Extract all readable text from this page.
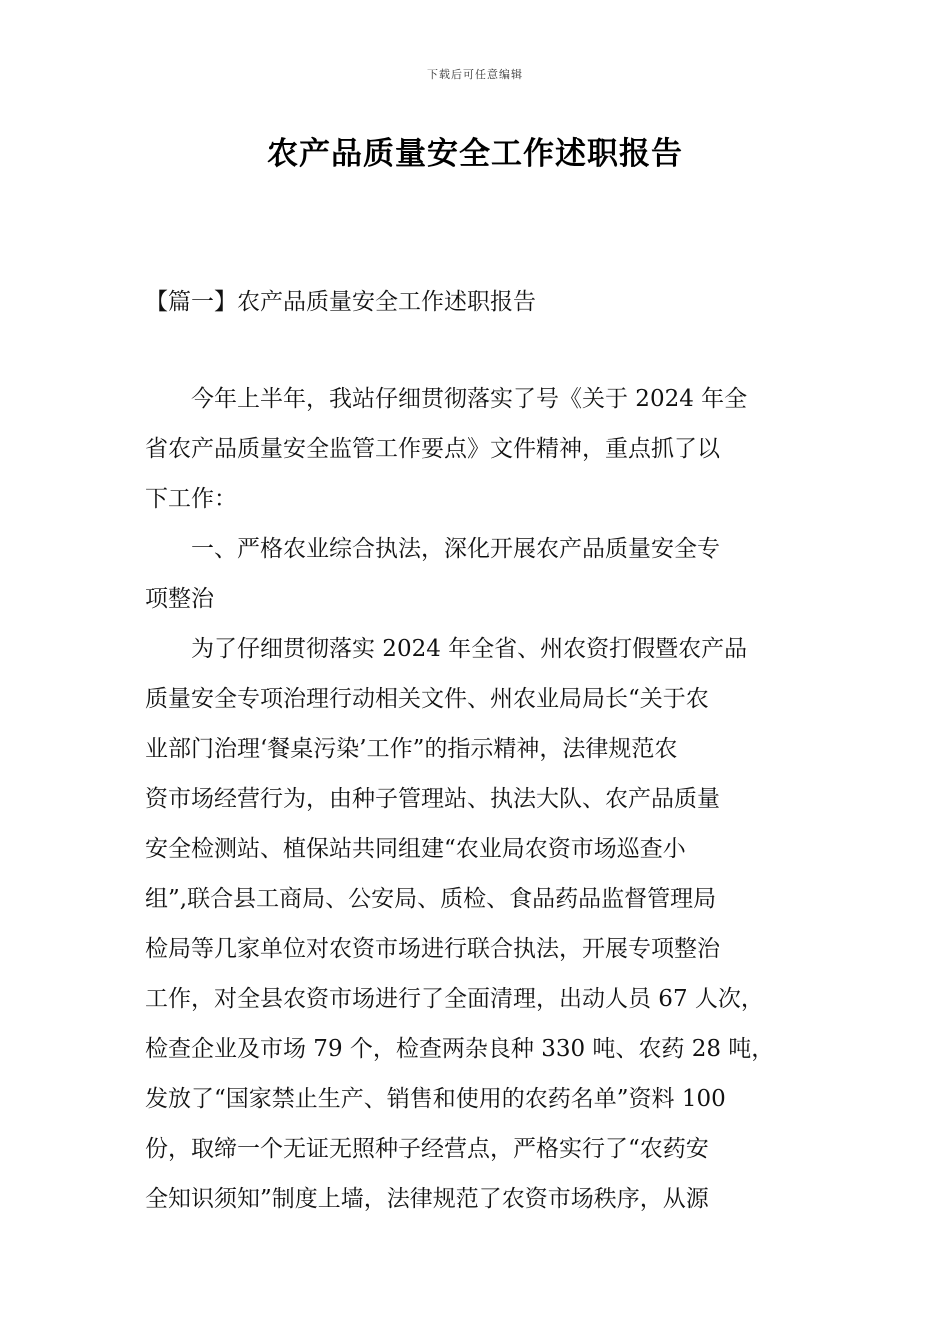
下载后可任意编辑
农产品质量安全工作述职报告
【篇一】农产品质量安全工作述职报告
　　今年上半年，我站仔细贯彻落实了号《关于 2024 年全
省农产品质量安全监管工作要点》文件精神，重点抓了以
下工作：
　　一、严格农业综合执法，深化开展农产品质量安全专
项整治
　　为了仔细贯彻落实 2024 年全省、州农资打假暨农产品
质量安全专项治理行动相关文件、州农业局局长“关于农
业部门治理‘餐桌污染’工作”的指示精神，法律规范农
资市场经营行为，由种子管理站、执法大队、农产品质量
安全检测站、植保站共同组建“农业局农资市场巡查小
组”,联合县工商局、公安局、质检、食品药品监督管理局
检局等几家单位对农资市场进行联合执法，开展专项整治
工作，对全县农资市场进行了全面清理，出动人员 67 人次，
检查企业及市场 79 个，检查两杂良种 330 吨、农药 28 吨，
发放了“国家禁止生产、销售和使用的农药名单”资料 100
份，取缔一个无证无照种子经营点，严格实行了“农药安
全知识须知”制度上墙，法律规范了农资市场秩序，从源
